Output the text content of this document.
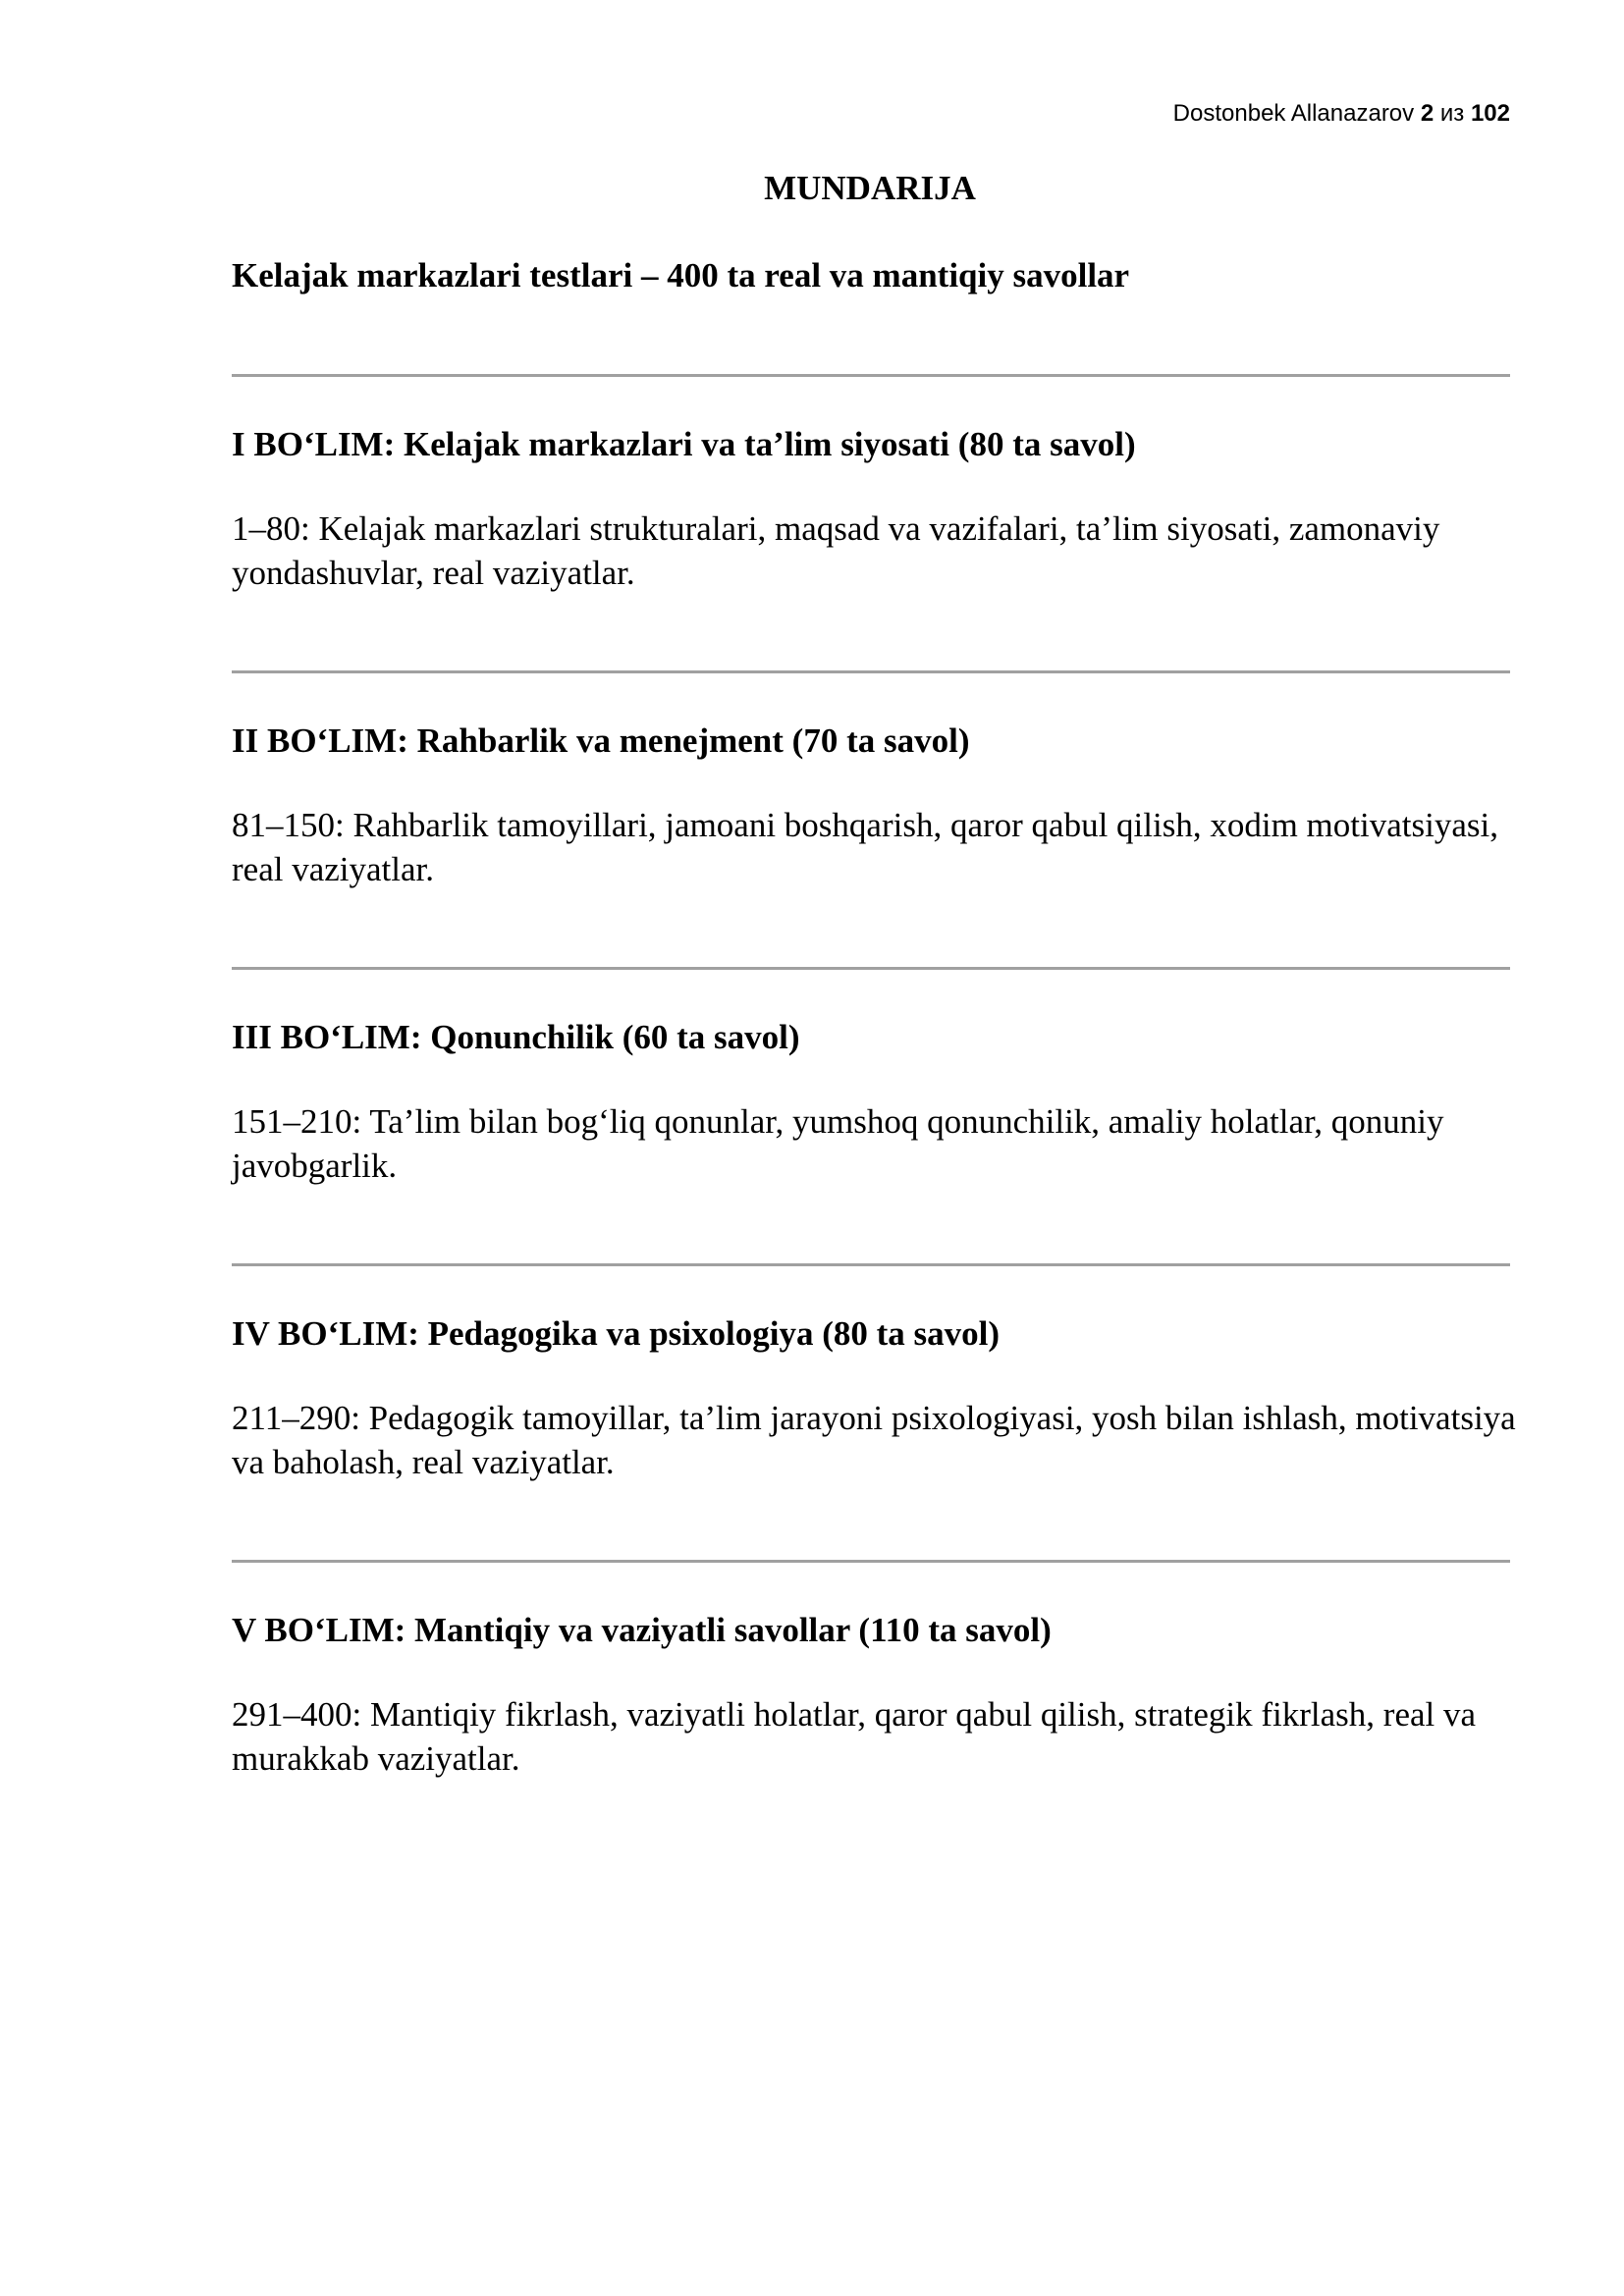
Dostonbek Allanazarov 2 из 102
MUNDARIJA
Kelajak markazlari testlari – 400 ta real va mantiqiy savollar
I BO‘LIM: Kelajak markazlari va ta’lim siyosati (80 ta savol)
1–80: Kelajak markazlari strukturalari, maqsad va vazifalari, ta’lim siyosati, zamonaviy yondashuvlar, real vaziyatlar.
II BO‘LIM: Rahbarlik va menejment (70 ta savol)
81–150: Rahbarlik tamoyillari, jamoani boshqarish, qaror qabul qilish, xodim motivatsiyasi, real vaziyatlar.
III BO‘LIM: Qonunchilik (60 ta savol)
151–210: Ta’lim bilan bog‘liq qonunlar, yumshoq qonunchilik, amaliy holatlar, qonuniy javobgarlik.
IV BO‘LIM: Pedagogika va psixologiya (80 ta savol)
211–290: Pedagogik tamoyillar, ta’lim jarayoni psixologiyasi, yosh bilan ishlash, motivatsiya va baholash, real vaziyatlar.
V BO‘LIM: Mantiqiy va vaziyatli savollar (110 ta savol)
291–400: Mantiqiy fikrlash, vaziyatli holatlar, qaror qabul qilish, strategik fikrlash, real va murakkab vaziyatlar.
